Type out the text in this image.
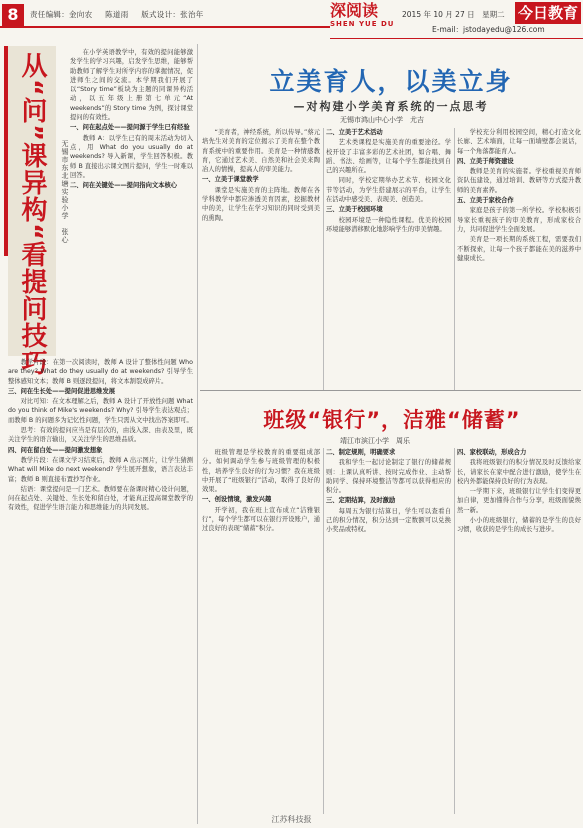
8	责任编辑：金向农 陈道雨 版式设计：张治年	深阅读
SHEN YUE DU
2015 年 10 月 27 日　星期二
E-mail：jstodayedu@126.com
今日教育
从“问”课异构“看提问技巧	无锡市东北塘实验小学　张心

在小学英语教学中，有效的提问能够激发学生的学习兴趣，启发学生思维，能够帮助教师了解学生对所学内容的掌握情况，促进师生之间的交流。本学期我们开展了以“Story time”板块为主题的同课异构活动，以五年级上册第七单元“At weekends”的 Story time 为例，探讨课堂提问的有效性。

一、问在起点处——提问源于学生已有经验

教师 A：以学生已有的周末活动为切入点，用 What do you usually do at weekends? 导入新课，学生回答积极。教师 B 直接出示课文图片提问，学生一时难以回答。

二、问在关键处——提问指向文本核心

教学片段：在第一次阅读时，教师 A 设计了整体性问题 Who are they? What do they usually do at weekends? 引导学生整体感知文本；教师 B 则逐段提问，将文本割裂成碎片。

三、问在生长处——提问促进思维发展

对比可知：在文本理解之后，教师 A 设计了开放性问题 What do you think of Mike's weekends? Why? 引导学生表达观点；而教师 B 的问题多为记忆性问题，学生只需从文中找出答案即可。

思考：有效的提问应当是有层次的，由浅入深、由表及里，既关注学生的语言输出，又关注学生的思维品质。

四、问在留白处——提问激发想象

教学片段：在课文学习结束后，教师 A 出示图片，让学生猜测 What will Mike do next weekend? 学生展开想象，语言表达丰富；教师 B 则直接布置抄写作业。

结语：课堂提问是一门艺术。教师要在备课时精心设计问题，问在起点处、关键处、生长处和留白处，才能真正提高课堂教学的有效性，促进学生语言能力和思维能力的共同发展。

立美育人，以美立身
—对构建小学美育系统的一点思考
无锡市鸿山中心小学　尤吉

“美育者，神经系统，所以传导。”蔡元培先生对美育的定位揭示了美育在整个教育系统中的重要作用。美育是一种情感教育，它通过艺术美、自然美和社会美来陶冶人的情操，提高人的审美能力。

一、立美于课堂教学

课堂是实施美育的主阵地。教师在各学科教学中都应渗透美育因素，挖掘教材中的美，让学生在学习知识的同时受到美的熏陶。

二、立美于艺术活动

艺术类课程是实施美育的重要途径。学校开设了丰富多彩的艺术社团，如合唱、舞蹈、书法、绘画等，让每个学生都能找到自己的兴趣所在。

同时，学校定期举办艺术节、校园文化节等活动，为学生搭建展示的平台，让学生在活动中感受美、表现美、创造美。

三、立美于校园环境

校园环境是一种隐性课程。优美的校园环境能够潜移默化地影响学生的审美情趣。

学校充分利用校园空间，精心打造文化长廊、艺术墙面，让每一面墙壁都会说话，每一个角落都能育人。

四、立美于师资建设

教师是美育的实施者。学校重视美育师资队伍建设，通过培训、教研等方式提升教师的美育素养。

五、立美于家校合作

家庭是孩子的第一所学校。学校积极引导家长重视孩子的审美教育，形成家校合力，共同促进学生全面发展。

美育是一项长期的系统工程，需要我们不断探索，让每一个孩子都能在美的滋养中健康成长。

班级“银行”，洁雅“储蓄”
靖江市滨江小学　周乐

班级管理是学校教育的重要组成部分。如何调动学生参与班级管理的积极性，培养学生良好的行为习惯？我在班级中开展了“班级银行”活动，取得了良好的效果。

一、创设情境，激发兴趣

开学初，我在班上宣布成立“洁雅银行”，每个学生都可以在银行开设账户，通过良好的表现“储蓄”积分。

二、制定规则，明确要求

我和学生一起讨论制定了银行的储蓄规则：上课认真听讲、按时完成作业、主动帮助同学、保持环境整洁等都可以获得相应的积分。

三、定期结算，及时激励

每周五为银行结算日，学生可以查看自己的积分情况，积分达到一定数额可以兑换小奖品或特权。

四、家校联动，形成合力

我将班级银行的积分情况及时反馈给家长，请家长在家中配合进行激励，使学生在校内外都能保持良好的行为表现。

一学期下来，班级银行让学生们变得更加自律，更加懂得合作与分享，班级面貌焕然一新。

小小的班级银行，储蓄的是学生的良好习惯，收获的是学生的成长与进步。

江苏科技报
